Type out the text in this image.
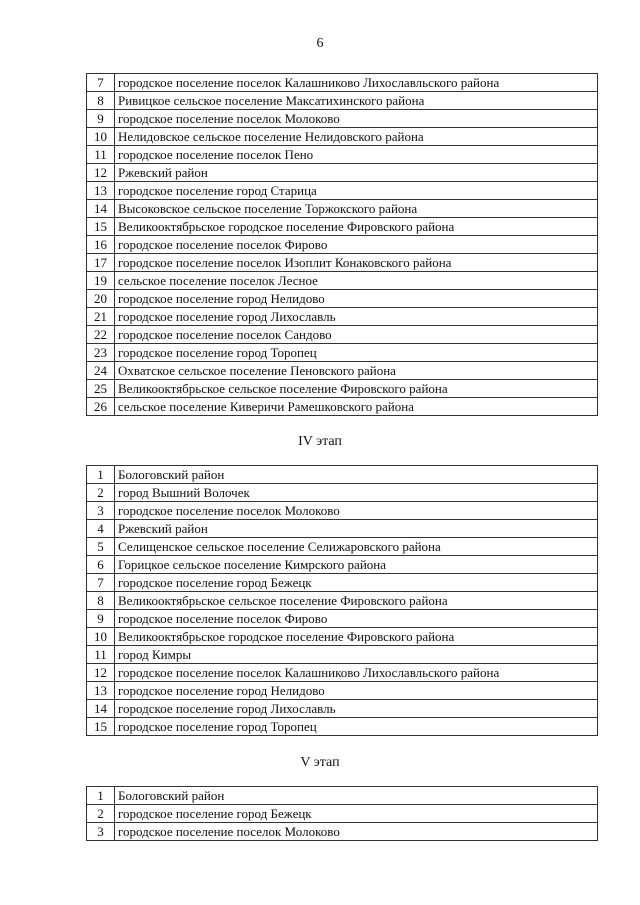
6
7	городское поселение поселок Калашниково Лихославльского района
8	Ривицкое сельское поселение Максатихинского района
9	городское поселение поселок Молоково
10	Нелидовское сельское поселение Нелидовского района
11	городское поселение поселок Пено
12	Ржевский район
13	городское поселение город Старица
14	Высоковское сельское поселение Торжокского района
15	Великооктябрьское городское поселение Фировского района
16	городское поселение поселок Фирово
17	городское поселение поселок Изоплит Конаковского района
19	сельское поселение поселок Лесное
20	городское поселение город Нелидово
21	городское поселение город Лихославль
22	городское поселение поселок Сандово
23	городское поселение город Торопец
24	Охватское сельское поселение Пеновского района
25	Великооктябрьское сельское поселение Фировского района
26	сельское поселение Киверичи Рамешковского района
IV этап
1	Бологовский район
2	город Вышний Волочек
3	городское поселение поселок Молоково
4	Ржевский район
5	Селищенское сельское поселение Селижаровского района
6	Горицкое сельское поселение Кимрского района
7	городское поселение город Бежецк
8	Великооктябрьское сельское поселение Фировского района
9	городское поселение поселок Фирово
10	Великооктябрьское городское поселение Фировского района
11	город Кимры
12	городское поселение поселок Калашниково Лихославльского района
13	городское поселение город Нелидово
14	городское поселение город Лихославль
15	городское поселение город Торопец
V этап
1	Бологовский район
2	городское поселение город Бежецк
3	городское поселение поселок Молоково
